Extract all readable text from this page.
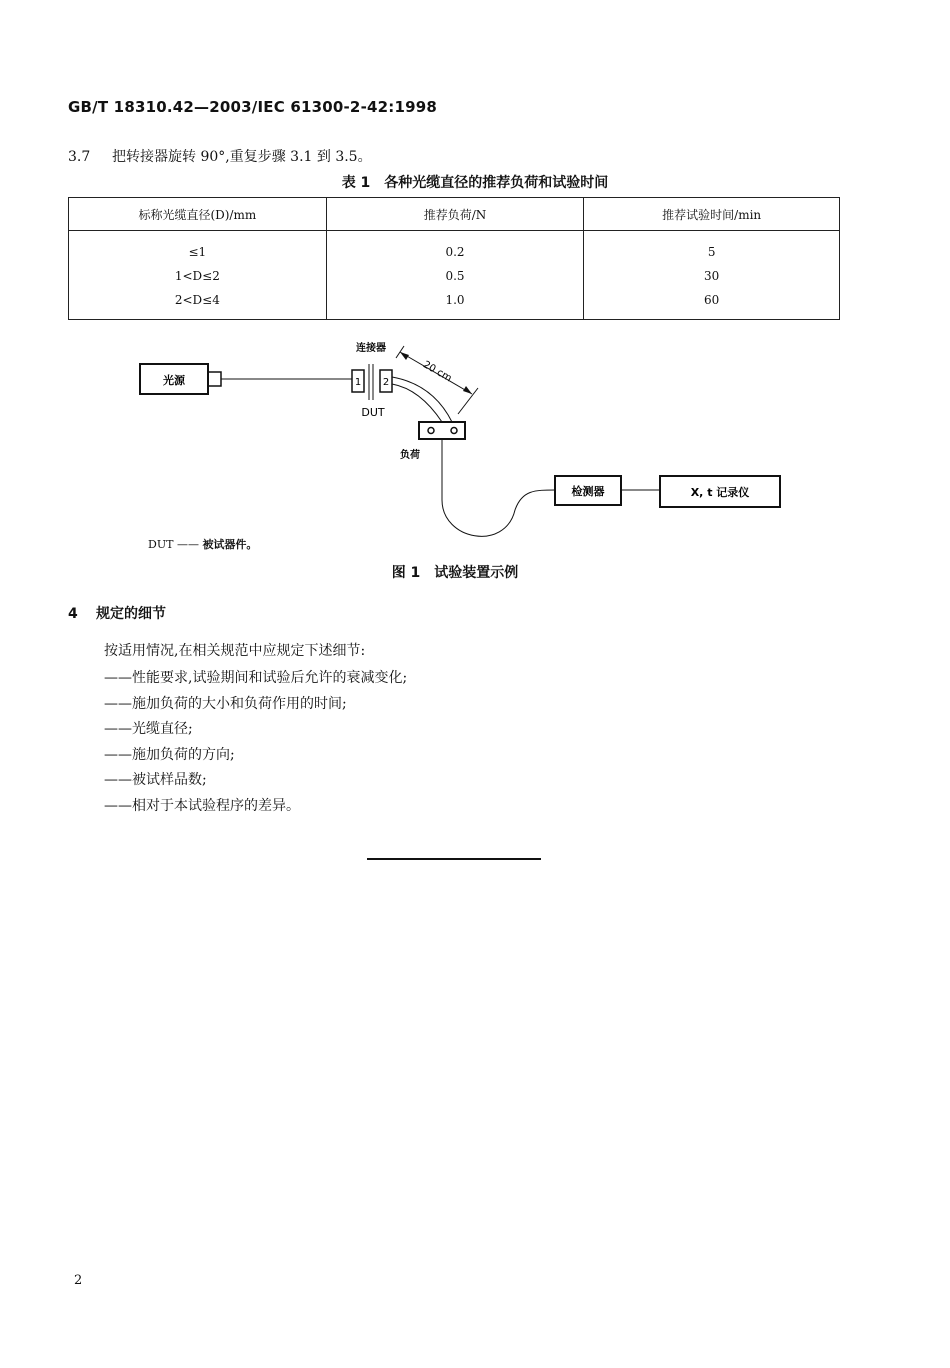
GB/T 18310.42—2003/IEC 61300-2-42:1998
3.7 把转接器旋转 90°,重复步骤 3.1 到 3.5。
表 1　各种光缆直径的推荐负荷和试验时间
标称光缆直径(D)/mm	推荐负荷/N	推荐试验时间/min
≤1	0.2	5
1<D≤2	0.5	30
2<D≤4	1.0	60
光源
连接器
1 2
DUT
20 cm
负荷
检测器	X, t 记录仪
DUT —— 被试器件。
图 1　试验装置示例
4 规定的细节
按适用情况,在相关规范中应规定下述细节:
——性能要求,试验期间和试验后允许的衰减变化;
——施加负荷的大小和负荷作用的时间;
——光缆直径;
——施加负荷的方向;
——被试样品数;
——相对于本试验程序的差异。
2
